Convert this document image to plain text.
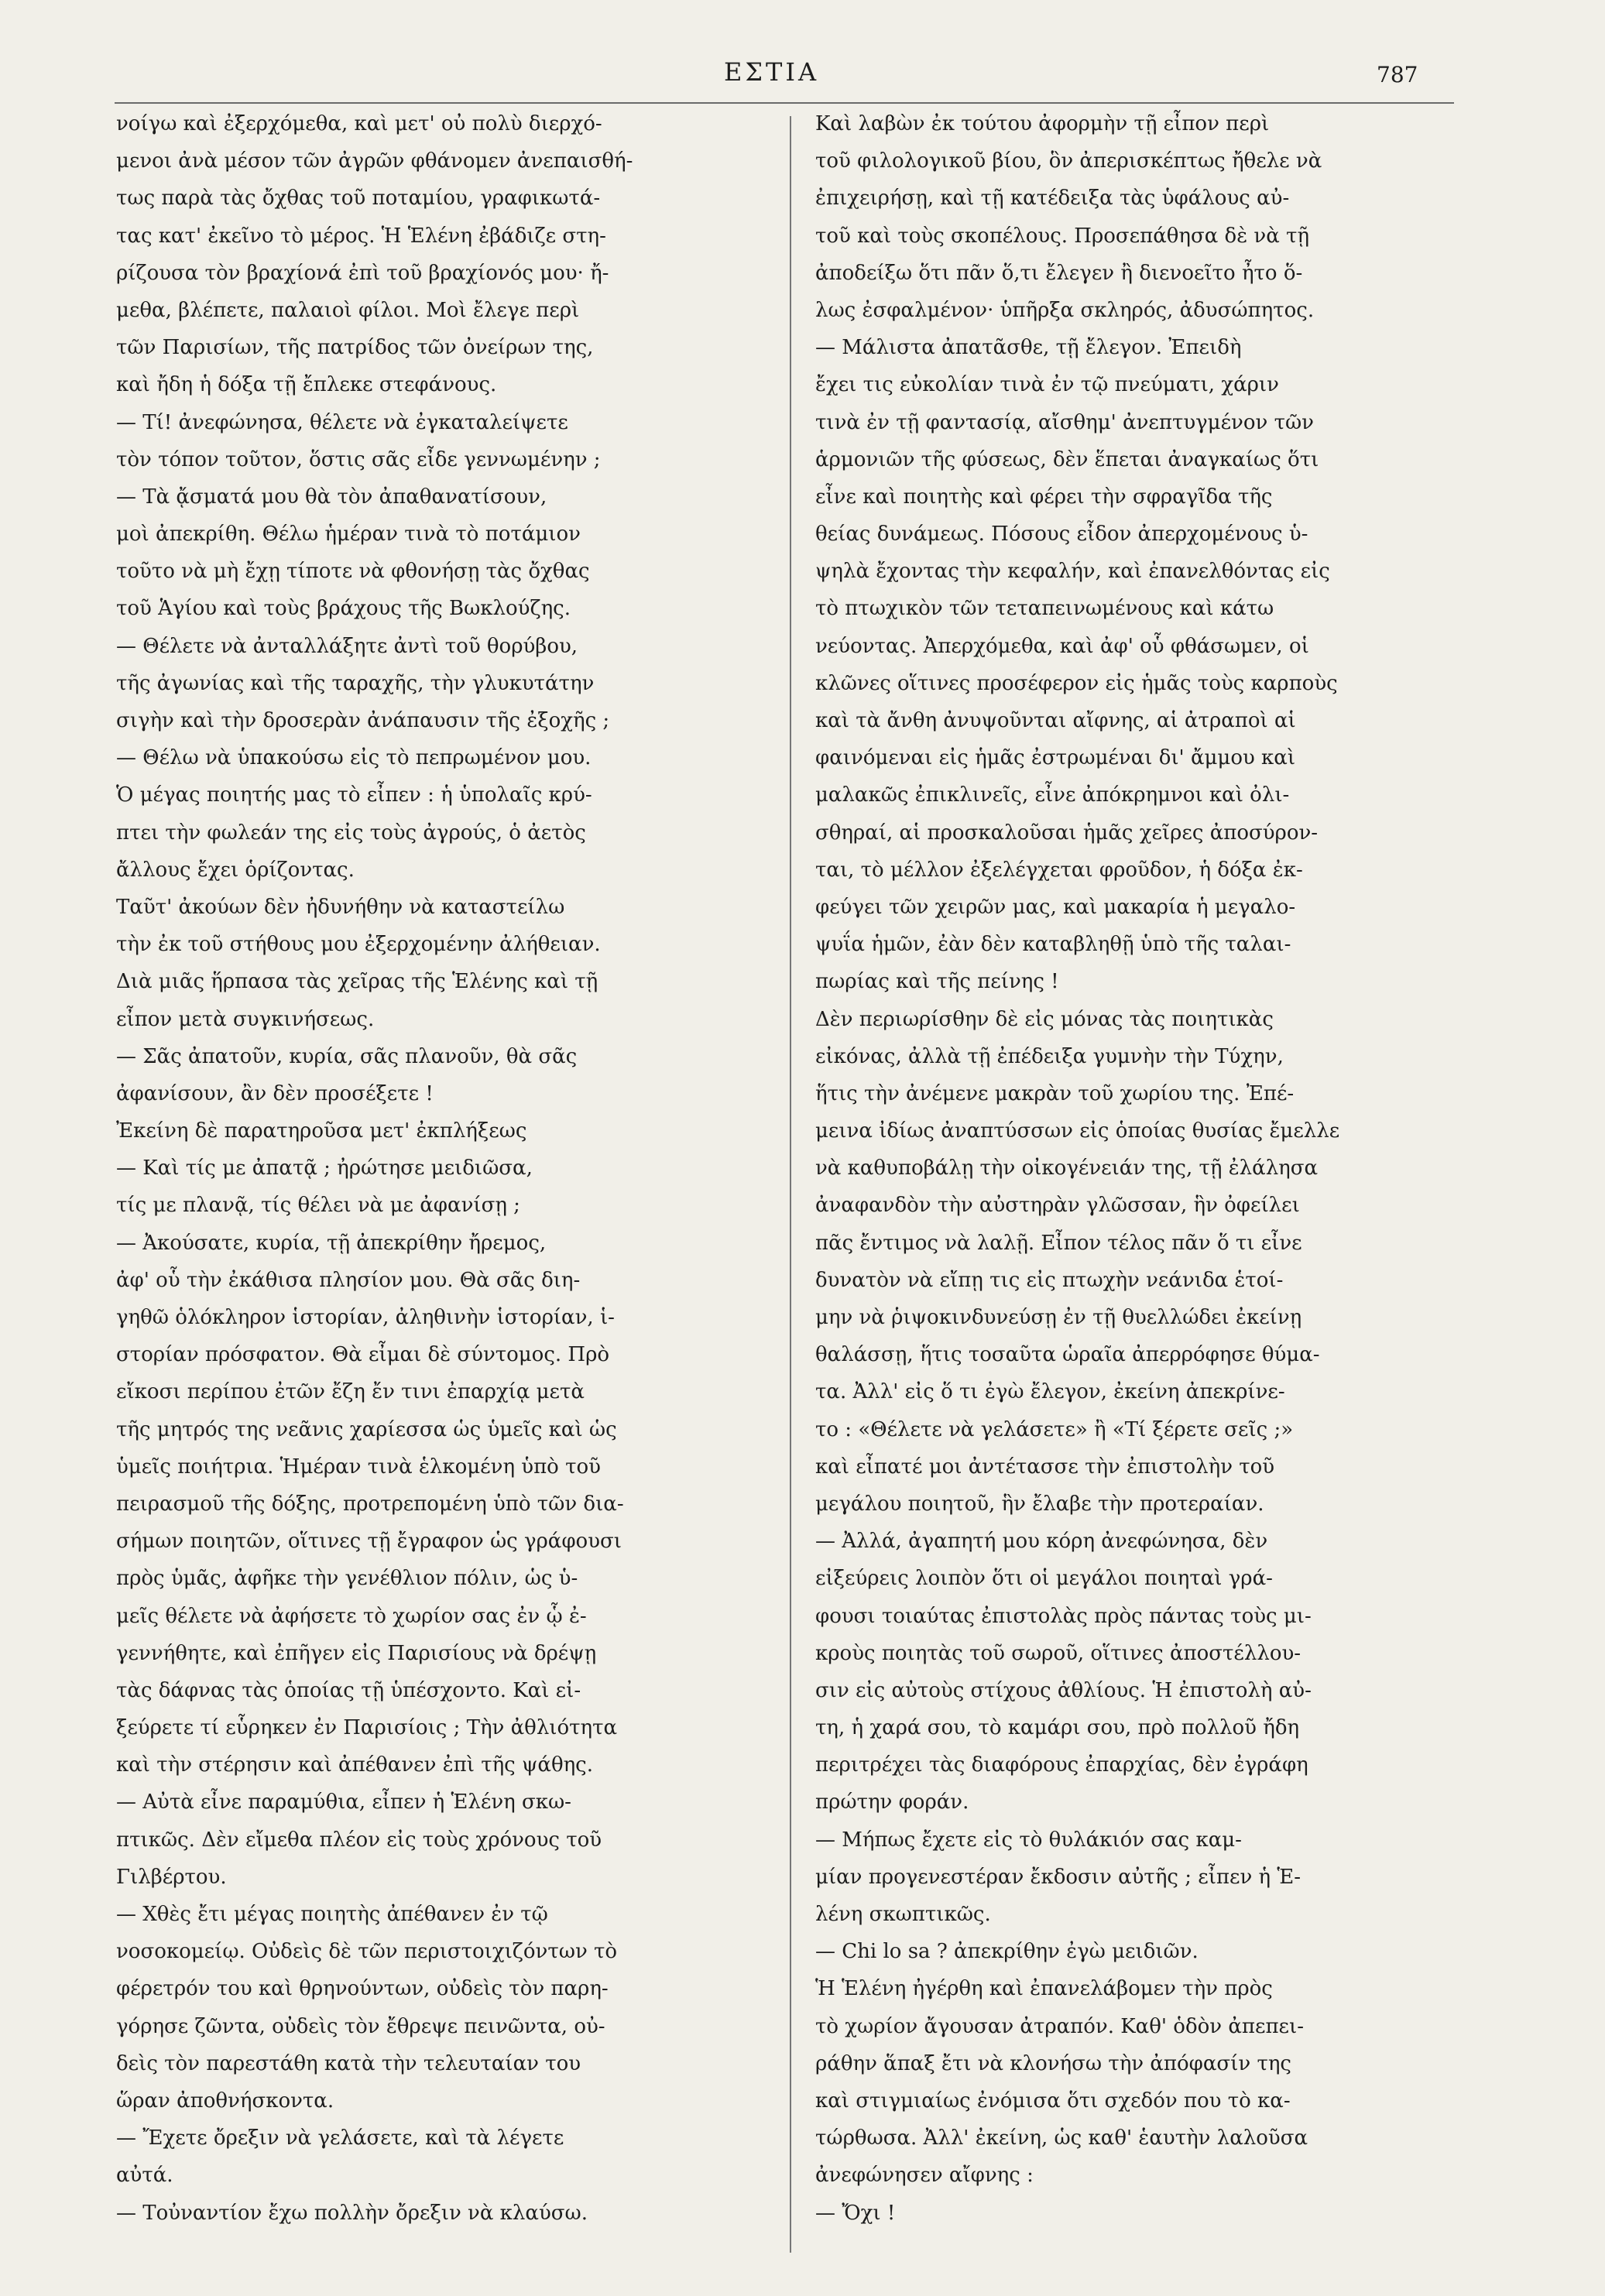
ΕΣΤΙΑ	787
νοίγω καὶ ἐξερχόμεθα, καὶ μετ' οὐ πολὺ διερχό-
μενοι ἀνὰ μέσον τῶν ἀγρῶν φθάνομεν ἀνεπαισθή-
τως παρὰ τὰς ὄχθας τοῦ ποταμίου, γραφικωτά-
τας κατ' ἐκεῖνο τὸ μέρος. Ἡ Ἑλένη ἐβάδιζε στη-
ρίζουσα τὸν βραχίονά ἐπὶ τοῦ βραχίονός μου· ἤ-
μεθα, βλέπετε, παλαιοὶ φίλοι. Μοὶ ἔλεγε περὶ
τῶν Παρισίων, τῆς πατρίδος τῶν ὀνείρων της,
καὶ ἤδη ἡ δόξα τῇ ἔπλεκε στεφάνους.
— Τί! ἀνεφώνησα, θέλετε νὰ ἐγκαταλείψετε
τὸν τόπον τοῦτον, ὅστις σᾶς εἶδε γεννωμένην ;
— Τὰ ᾄσματά μου θὰ τὸν ἀπαθανατίσουν,
μοὶ ἀπεκρίθη. Θέλω ἡμέραν τινὰ τὸ ποτάμιον
τοῦτο νὰ μὴ ἔχῃ τίποτε νὰ φθονήσῃ τὰς ὄχθας
τοῦ Ἁγίου καὶ τοὺς βράχους τῆς Βωκλούζης.
— Θέλετε νὰ ἀνταλλάξητε ἀντὶ τοῦ θορύβου,
τῆς ἀγωνίας καὶ τῆς ταραχῆς, τὴν γλυκυτάτην
σιγὴν καὶ τὴν δροσερὰν ἀνάπαυσιν τῆς ἐξοχῆς ;
— Θέλω νὰ ὑπακούσω εἰς τὸ πεπρωμένον μου.
Ὁ μέγας ποιητής μας τὸ εἶπεν : ἡ ὑπολαῖς κρύ-
πτει τὴν φωλεάν της εἰς τοὺς ἀγρούς, ὁ ἀετὸς
ἄλλους ἔχει ὁρίζοντας.
Ταῦτ' ἀκούων δὲν ἠδυνήθην νὰ καταστείλω
τὴν ἐκ τοῦ στήθους μου ἐξερχομένην ἀλήθειαν.
Διὰ μιᾶς ἥρπασα τὰς χεῖρας τῆς Ἑλένης καὶ τῇ
εἶπον μετὰ συγκινήσεως.
— Σᾶς ἀπατοῦν, κυρία, σᾶς πλανοῦν, θὰ σᾶς
ἀφανίσουν, ἂν δὲν προσέξετε !
Ἐκείνη δὲ παρατηροῦσα μετ' ἐκπλήξεως
— Καὶ τίς με ἀπατᾷ ; ἠρώτησε μειδιῶσα,
τίς με πλανᾷ, τίς θέλει νὰ με ἀφανίσῃ ;
— Ἀκούσατε, κυρία, τῇ ἀπεκρίθην ἤρεμος,
ἀφ' οὗ τὴν ἐκάθισα πλησίον μου. Θὰ σᾶς διη-
γηθῶ ὁλόκληρον ἱστορίαν, ἀληθινὴν ἱστορίαν, ἱ-
στορίαν πρόσφατον. Θὰ εἶμαι δὲ σύντομος. Πρὸ
εἴκοσι περίπου ἐτῶν ἔζη ἔν τινι ἐπαρχίᾳ μετὰ
τῆς μητρός της νεᾶνις χαρίεσσα ὡς ὑμεῖς καὶ ὡς
ὑμεῖς ποιήτρια. Ἡμέραν τινὰ ἑλκομένη ὑπὸ τοῦ
πειρασμοῦ τῆς δόξης, προτρεπομένη ὑπὸ τῶν δια-
σήμων ποιητῶν, οἵτινες τῇ ἔγραφον ὡς γράφουσι
πρὸς ὑμᾶς, ἀφῆκε τὴν γενέθλιον πόλιν, ὡς ὑ-
μεῖς θέλετε νὰ ἀφήσετε τὸ χωρίον σας ἐν ᾧ ἐ-
γεννήθητε, καὶ ἐπῆγεν εἰς Παρισίους νὰ δρέψῃ
τὰς δάφνας τὰς ὁποίας τῇ ὑπέσχοντο. Καὶ εἰ-
ξεύρετε τί εὗρηκεν ἐν Παρισίοις ; Τὴν ἀθλιότητα
καὶ τὴν στέρησιν καὶ ἀπέθανεν ἐπὶ τῆς ψάθης.
— Αὐτὰ εἶνε παραμύθια, εἶπεν ἡ Ἑλένη σκω-
πτικῶς. Δὲν εἴμεθα πλέον εἰς τοὺς χρόνους τοῦ
Γιλβέρτου.
— Χθὲς ἔτι μέγας ποιητὴς ἀπέθανεν ἐν τῷ
νοσοκομείῳ. Οὐδεὶς δὲ τῶν περιστοιχιζόντων τὸ
φέρετρόν του καὶ θρηνούντων, οὐδεὶς τὸν παρη-
γόρησε ζῶντα, οὐδεὶς τὸν ἔθρεψε πεινῶντα, οὐ-
δεὶς τὸν παρεστάθη κατὰ τὴν τελευταίαν του
ὥραν ἀποθνήσκοντα.
— Ἔχετε ὄρεξιν νὰ γελάσετε, καὶ τὰ λέγετε
αὐτά.
— Τοὐναντίον ἔχω πολλὴν ὄρεξιν νὰ κλαύσω.
Καὶ λαβὼν ἐκ τούτου ἀφορμὴν τῇ εἶπον περὶ
τοῦ φιλολογικοῦ βίου, ὃν ἀπερισκέπτως ἤθελε νὰ
ἐπιχειρήσῃ, καὶ τῇ κατέδειξα τὰς ὑφάλους αὐ-
τοῦ καὶ τοὺς σκοπέλους. Προσεπάθησα δὲ νὰ τῇ
ἀποδείξω ὅτι πᾶν ὅ,τι ἔλεγεν ἢ διενοεῖτο ἦτο ὅ-
λως ἐσφαλμένον· ὑπῆρξα σκληρός, ἀδυσώπητος.
— Μάλιστα ἀπατᾶσθε, τῇ ἔλεγον. Ἐπειδὴ
ἔχει τις εὐκολίαν τινὰ ἐν τῷ πνεύματι, χάριν
τινὰ ἐν τῇ φαντασίᾳ, αἴσθημ' ἀνεπτυγμένον τῶν
ἁρμονιῶν τῆς φύσεως, δὲν ἕπεται ἀναγκαίως ὅτι
εἶνε καὶ ποιητὴς καὶ φέρει τὴν σφραγῖδα τῆς
θείας δυνάμεως. Πόσους εἶδον ἀπερχομένους ὑ-
ψηλὰ ἔχοντας τὴν κεφαλήν, καὶ ἐπανελθόντας εἰς
τὸ πτωχικὸν τῶν τεταπεινωμένους καὶ κάτω
νεύοντας. Ἀπερχόμεθα, καὶ ἀφ' οὗ φθάσωμεν, οἱ
κλῶνες οἵτινες προσέφερον εἰς ἡμᾶς τοὺς καρποὺς
καὶ τὰ ἄνθη ἀνυψοῦνται αἴφνης, αἱ ἀτραποὶ αἱ
φαινόμεναι εἰς ἡμᾶς ἐστρωμέναι δι' ἄμμου καὶ
μαλακῶς ἐπικλινεῖς, εἶνε ἀπόκρημνοι καὶ ὀλι-
σθηραί, αἱ προσκαλοῦσαι ἡμᾶς χεῖρες ἀποσύρον-
ται, τὸ μέλλον ἐξελέγχεται φροῦδον, ἡ δόξα ἐκ-
φεύγει τῶν χειρῶν μας, καὶ μακαρία ἡ μεγαλο-
ψυΐα ἡμῶν, ἐὰν δὲν καταβληθῇ ὑπὸ τῆς ταλαι-
πωρίας καὶ τῆς πείνης !
Δὲν περιωρίσθην δὲ εἰς μόνας τὰς ποιητικὰς
εἰκόνας, ἀλλὰ τῇ ἐπέδειξα γυμνὴν τὴν Τύχην,
ἥτις τὴν ἀνέμενε μακρὰν τοῦ χωρίου της. Ἐπέ-
μεινα ἰδίως ἀναπτύσσων εἰς ὁποίας θυσίας ἔμελλε
νὰ καθυποβάλῃ τὴν οἰκογένειάν της, τῇ ἐλάλησα
ἀναφανδὸν τὴν αὐστηρὰν γλῶσσαν, ἣν ὀφείλει
πᾶς ἔντιμος νὰ λαλῇ. Εἶπον τέλος πᾶν ὅ τι εἶνε
δυνατὸν νὰ εἴπῃ τις εἰς πτωχὴν νεάνιδα ἑτοί-
μην νὰ ῥιψοκινδυνεύσῃ ἐν τῇ θυελλώδει ἐκείνῃ
θαλάσσῃ, ἥτις τοσαῦτα ὡραῖα ἀπερρόφησε θύμα-
τα. Ἀλλ' εἰς ὅ τι ἐγὼ ἔλεγον, ἐκείνη ἀπεκρίνε-
το : «Θέλετε νὰ γελάσετε» ἢ «Τί ξέρετε σεῖς ;»
καὶ εἶπατέ μοι ἀντέτασσε τὴν ἐπιστολὴν τοῦ
μεγάλου ποιητοῦ, ἣν ἔλαβε τὴν προτεραίαν.
— Ἀλλά, ἀγαπητή μου κόρη ἀνεφώνησα, δὲν
εἰξεύρεις λοιπὸν ὅτι οἱ μεγάλοι ποιηταὶ γρά-
φουσι τοιαύτας ἐπιστολὰς πρὸς πάντας τοὺς μι-
κροὺς ποιητὰς τοῦ σωροῦ, οἵτινες ἀποστέλλου-
σιν εἰς αὐτοὺς στίχους ἀθλίους. Ἡ ἐπιστολὴ αὐ-
τη, ἡ χαρά σου, τὸ καμάρι σου, πρὸ πολλοῦ ἤδη
περιτρέχει τὰς διαφόρους ἐπαρχίας, δὲν ἐγράφη
πρώτην φοράν.
— Μήπως ἔχετε εἰς τὸ θυλάκιόν σας καμ-
μίαν προγενεστέραν ἔκδοσιν αὐτῆς ; εἶπεν ἡ Ἑ-
λένη σκωπτικῶς.
— Chi lo sa ? ἀπεκρίθην ἐγὼ μειδιῶν.
Ἡ Ἑλένη ἠγέρθη καὶ ἐπανελάβομεν τὴν πρὸς
τὸ χωρίον ἄγουσαν ἀτραπόν. Καθ' ὁδὸν ἀπεπει-
ράθην ἅπαξ ἔτι νὰ κλονήσω τὴν ἀπόφασίν της
καὶ στιγμιαίως ἐνόμισα ὅτι σχεδόν που τὸ κα-
τώρθωσα. Ἀλλ' ἐκείνη, ὡς καθ' ἑαυτὴν λαλοῦσα
ἀνεφώνησεν αἴφνης :
— Ὄχι !
